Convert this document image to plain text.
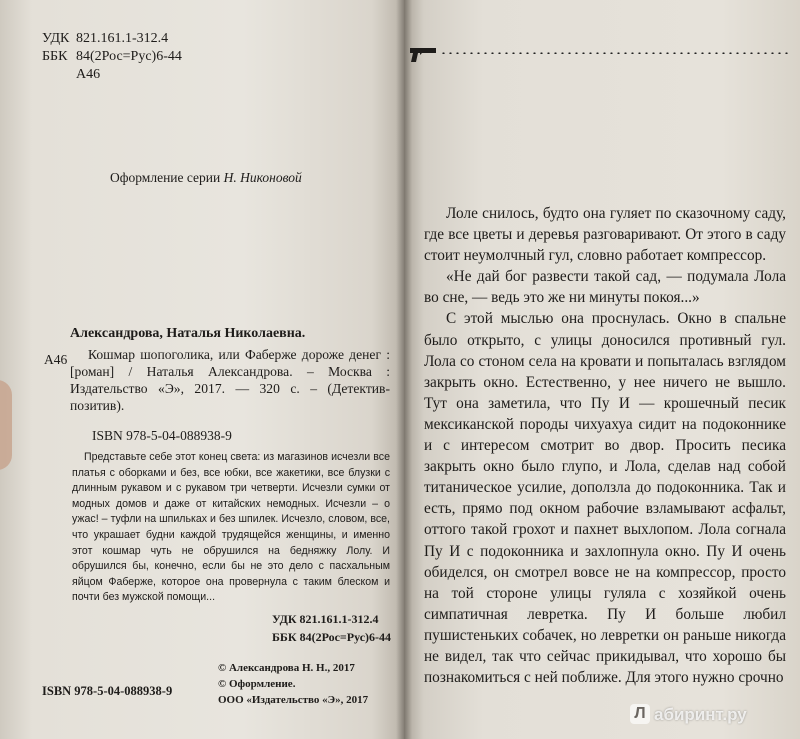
УДК 821.161.1-312.4
ББК 84(2Рос=Рус)6-44
А46
Оформление серии Н. Никоновой
Александрова, Наталья Николаевна.
А46	Кошмар шопоголика, или Фаберже дороже денег : [роман] / Наталья Александрова. – Москва : Издательство «Э», 2017. — 320 с. – (Детектив-позитив).
ISBN 978-5-04-088938-9
Представьте себе этот конец света: из магазинов исчезли все платья с оборками и без, все юбки, все жакетики, все блузки с длинным рукавом и с рукавом три четверти. Исчезли сумки от модных домов и даже от китайских немодных. Исчезли – о ужас! – туфли на шпильках и без шпилек. Исчезло, словом, все, что украшает будни каждой трудящейся женщины, и именно этот кошмар чуть не обрушился на бедняжку Лолу. И обрушился бы, конечно, если бы не это дело с пасхальным яйцом Фаберже, которое она провернула с таким блеском и почти без мужской помощи...
УДК 821.161.1-312.4
ББК 84(2Рос=Рус)6-44
© Александрова Н. Н., 2017
© Оформление.
ООО «Издательство «Э», 2017
ISBN 978-5-04-088938-9

Лоле снилось, будто она гуляет по сказочному саду, где все цветы и деревья разговаривают. От этого в саду стоит неумолчный гул, словно работает компрессор.

«Не дай бог развести такой сад, — подумала Лола во сне, — ведь это же ни минуты покоя...»

С этой мыслью она проснулась. Окно в спальне было открыто, с улицы доносился противный гул. Лола со стоном села на кровати и попыталась взглядом закрыть окно. Естественно, у нее ничего не вышло. Тут она заметила, что Пу И — крошечный песик мексиканской породы чихуахуа сидит на подоконнике и с интересом смотрит во двор. Просить песика закрыть окно было глупо, и Лола, сделав над собой титаническое усилие, доползла до подоконника. Так и есть, прямо под окном рабочие взламывают асфальт, оттого такой грохот и пахнет выхлопом. Лола согнала Пу И с подоконника и захлопнула окно. Пу И очень обиделся, он смотрел вовсе не на компрессор, просто на той стороне улицы гуляла с хозяйкой очень симпатичная левретка. Пу И больше любил пушистеньких собачек, но левретки он раньше никогда не видел, так что сейчас прикидывал, что хорошо бы познакомиться с ней поближе. Для этого нужно срочно

Л абиринт.ру
